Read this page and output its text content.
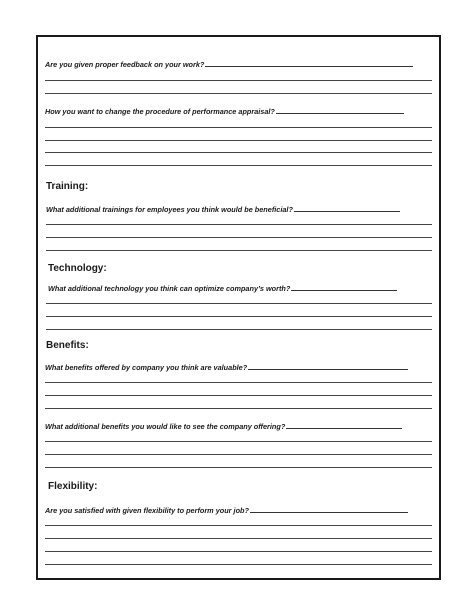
Are you given proper feedback on your work?
How you want to change the procedure of performance appraisal?
Training:
What additional trainings for employees you think would be beneficial?
Technology:
What additional technology you think can optimize company’s worth?
Benefits:
What benefits offered by company you think are valuable?
What additional benefits you would like to see the company offering?
Flexibility:
Are you satisfied with given flexibility to perform your job?
